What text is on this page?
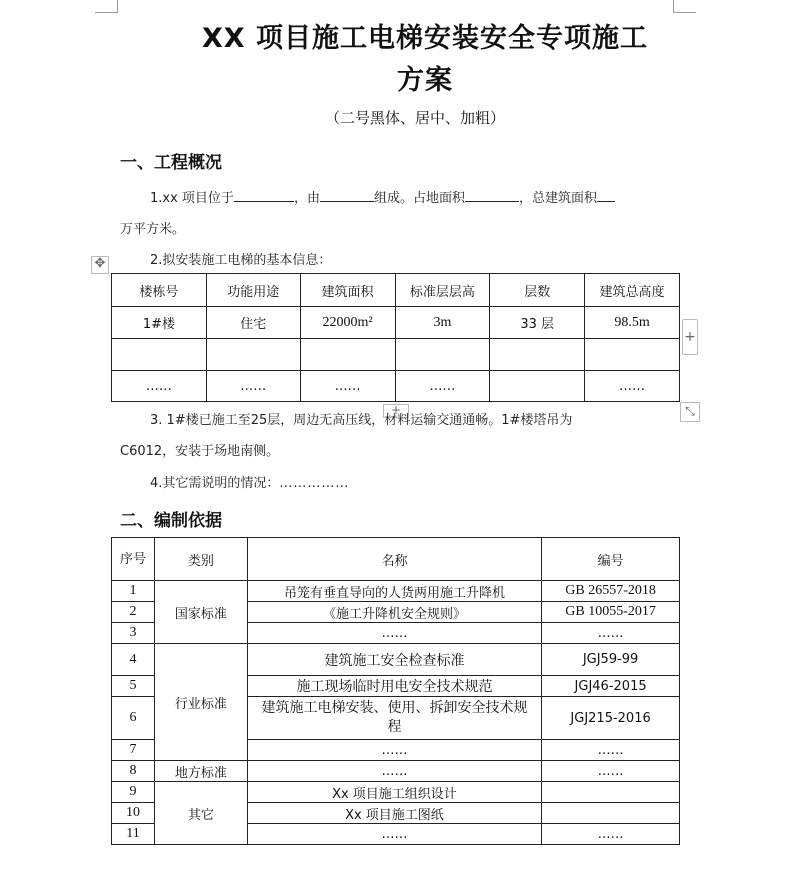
XX 项目施工电梯安装安全专项施工
方案
（二号黑体、居中、加粗）
一、工程概况
1.xx 项目位于	，由	组成。占地面积	，总建筑面积
万平方米。
✥	2.拟安装施工电梯的基本信息：
楼栋号	功能用途	建筑面积	标准层层高	层数	建筑总高度
1#楼	住宅	22000m²	3m	33 层	98.5m

……	……	……	……		……
+
+	⤡
3. 1#楼已施工至25层，周边无高压线，材料运输交通通畅。1#楼塔吊为
C6012，安装于场地南侧。
4.其它需说明的情况：……………
二、编制依据
序号	类别	名称	编号
1	国家标准	吊笼有垂直导向的人货两用施工升降机	GB 26557-2018
2		《施工升降机安全规则》	GB 10055-2017
3		……	……
4	行业标准	建筑施工安全检查标准	JGJ59-99
5		施工现场临时用电安全技术规范	JGJ46-2015
6		建筑施工电梯安装、使用、拆卸安全技术规程	JGJ215-2016
7		……	……
8	地方标准	……	……
9	其它	Xx 项目施工组织设计	
10		Xx 项目施工图纸	
11		……	……
